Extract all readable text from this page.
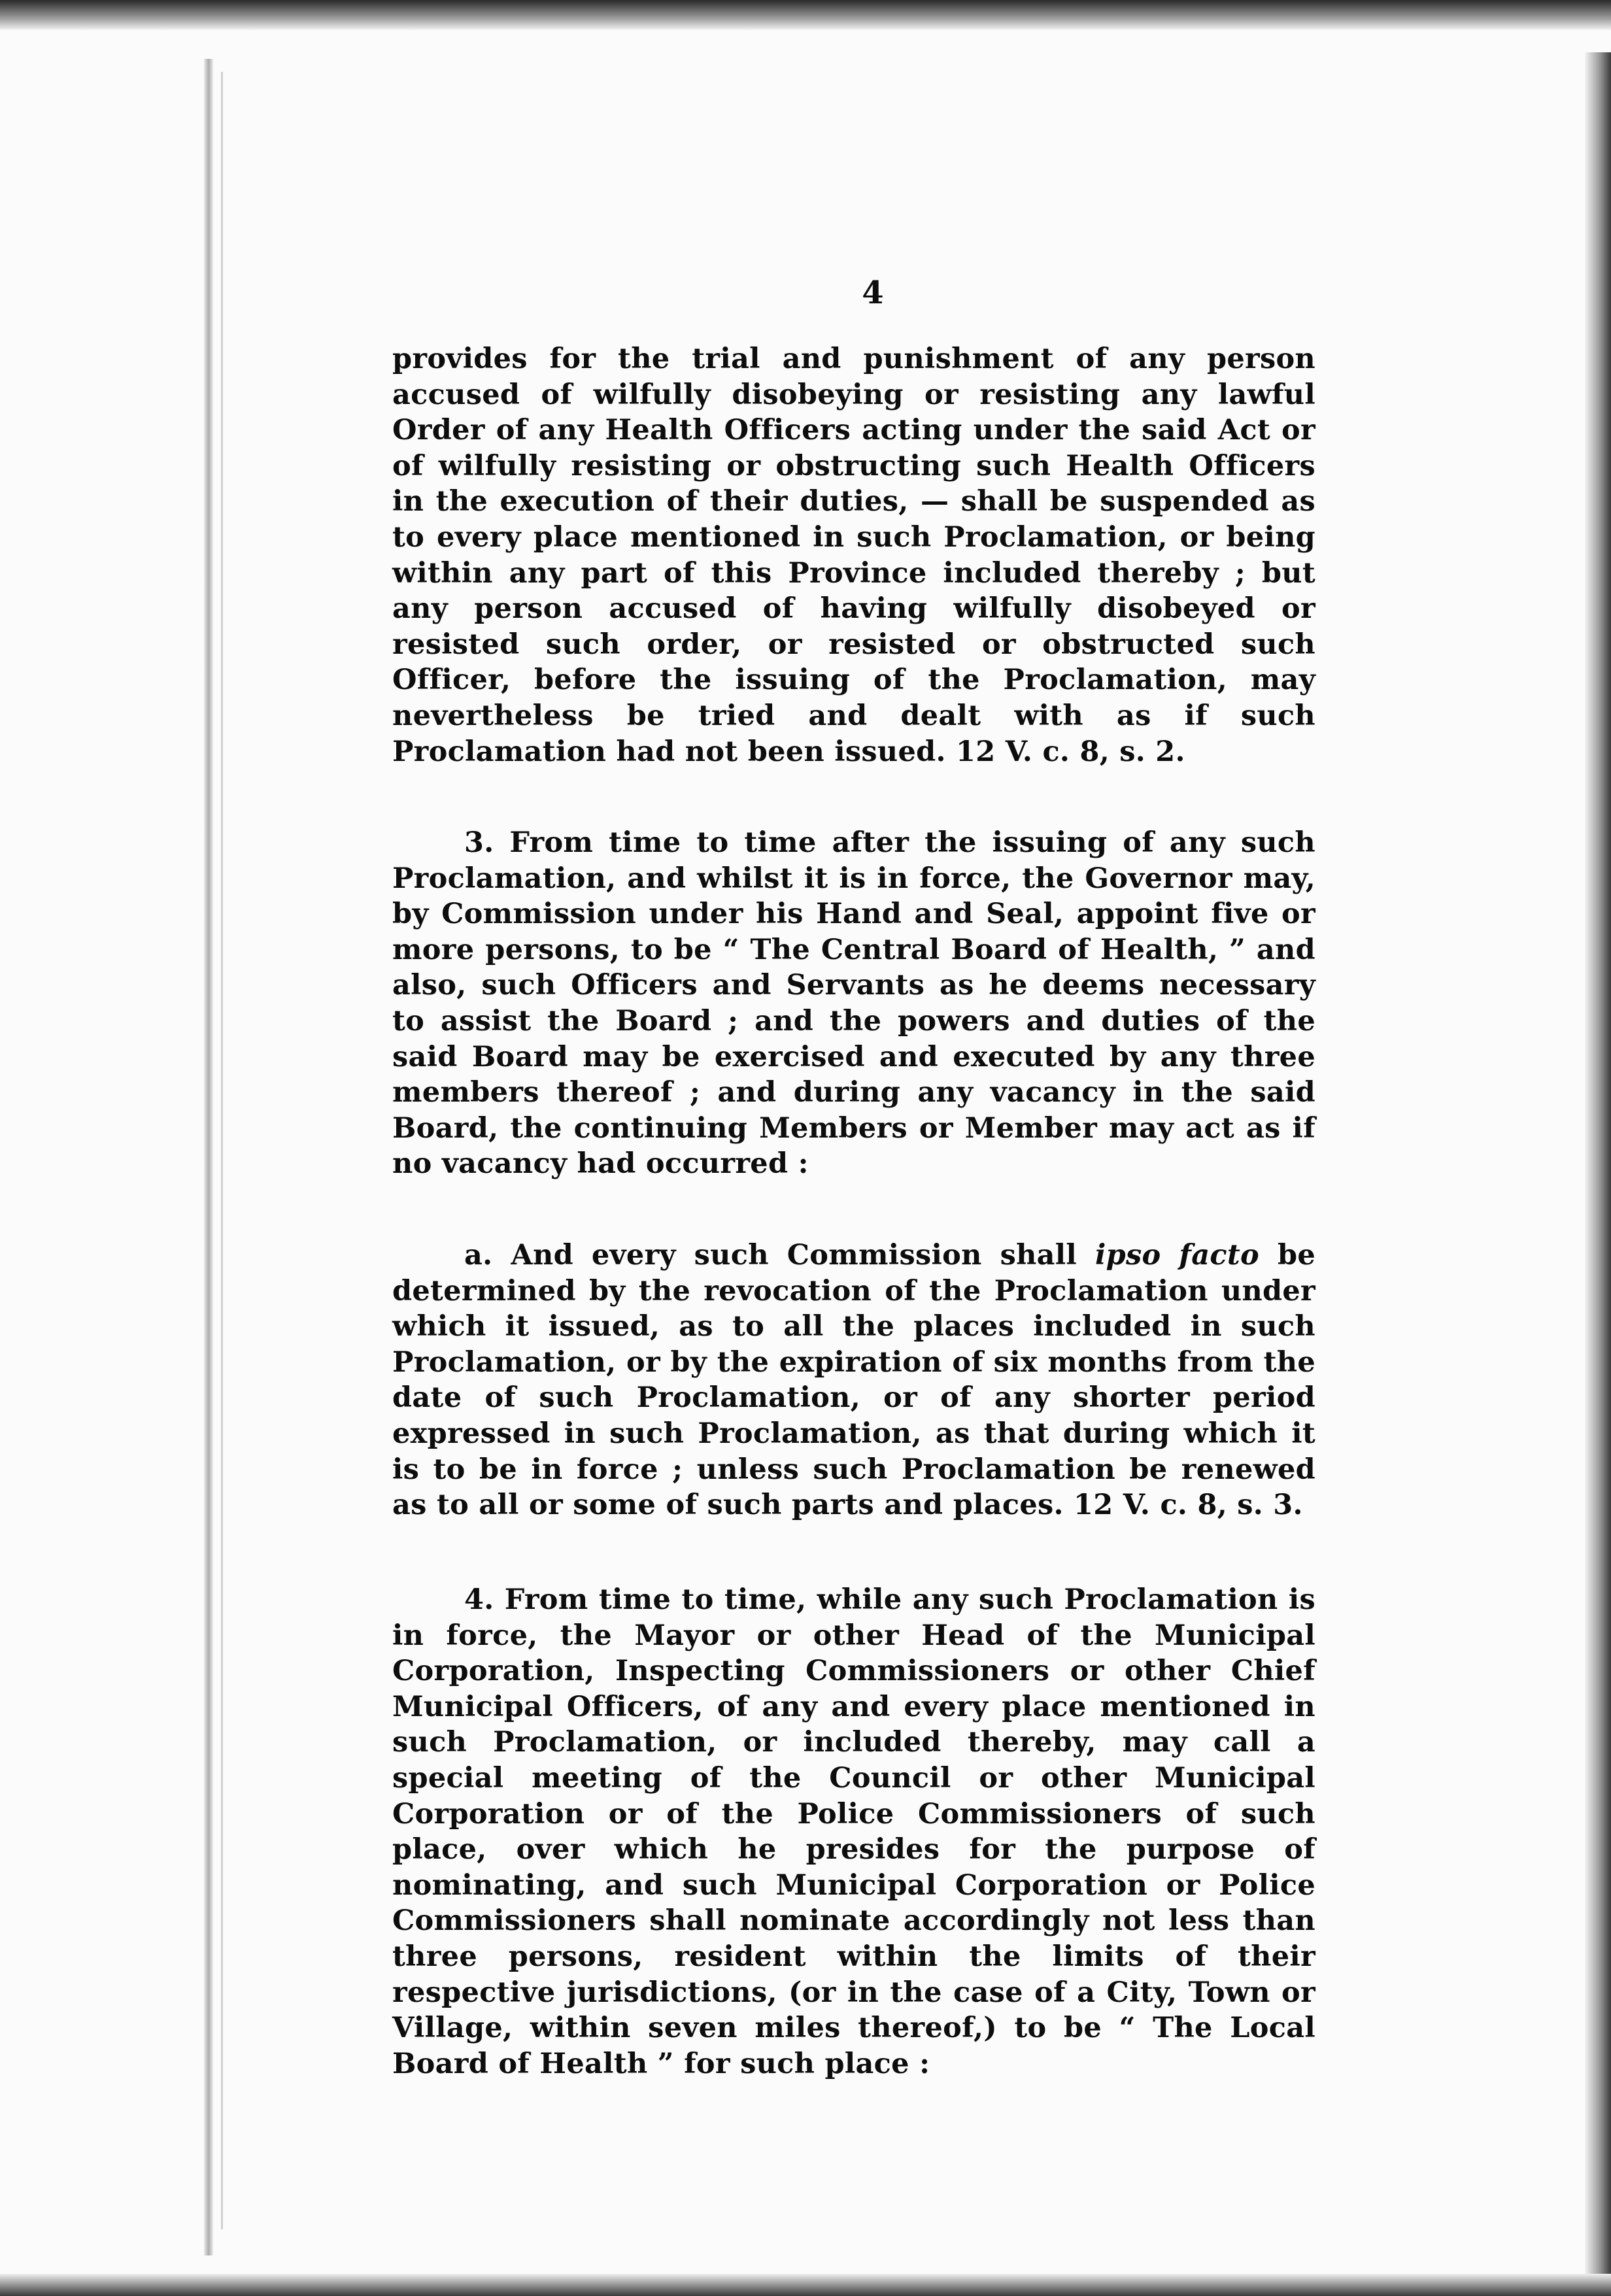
4

provides for the trial and punishment of any person accused of wilfully disobeying or resisting any lawful Order of any Health Officers acting under the said Act or of wilfully resisting or obstructing such Health Officers in the execution of their duties, — shall be suspended as to every place mentioned in such Proclamation, or being within any part of this Province included thereby ; but any person accused of having wilfully disobeyed or resisted such order, or resisted or obstructed such Officer, before the issuing of the Proclamation, may nevertheless be tried and dealt with as if such Proclamation had not been issued. 12 V. c. 8, s. 2.

3. From time to time after the issuing of any such Proclamation, and whilst it is in force, the Governor may, by Commission under his Hand and Seal, appoint five or more persons, to be “ The Central Board of Health, ” and also, such Officers and Servants as he deems necessary to assist the Board ; and the powers and duties of the said Board may be exercised and executed by any three members thereof ; and during any vacancy in the said Board, the continuing Members or Member may act as if no vacancy had occurred :

a. And every such Commission shall ipso facto be determined by the revocation of the Proclamation under which it issued, as to all the places included in such Proclamation, or by the expiration of six months from the date of such Proclamation, or of any shorter period expressed in such Proclamation, as that during which it is to be in force ; unless such Proclamation be renewed as to all or some of such parts and places. 12 V. c. 8, s. 3.

4. From time to time, while any such Proclamation is in force, the Mayor or other Head of the Municipal Corporation, Inspecting Commissioners or other Chief Municipal Officers, of any and every place mentioned in such Proclamation, or included thereby, may call a special meeting of the Council or other Municipal Corporation or of the Police Commissioners of such place, over which he presides for the purpose of nominating, and such Municipal Corporation or Police Commissioners shall nominate accordingly not less than three persons, resident within the limits of their respective jurisdictions, (or in the case of a City, Town or Village, within seven miles thereof,) to be “ The Local Board of Health ” for such place :
